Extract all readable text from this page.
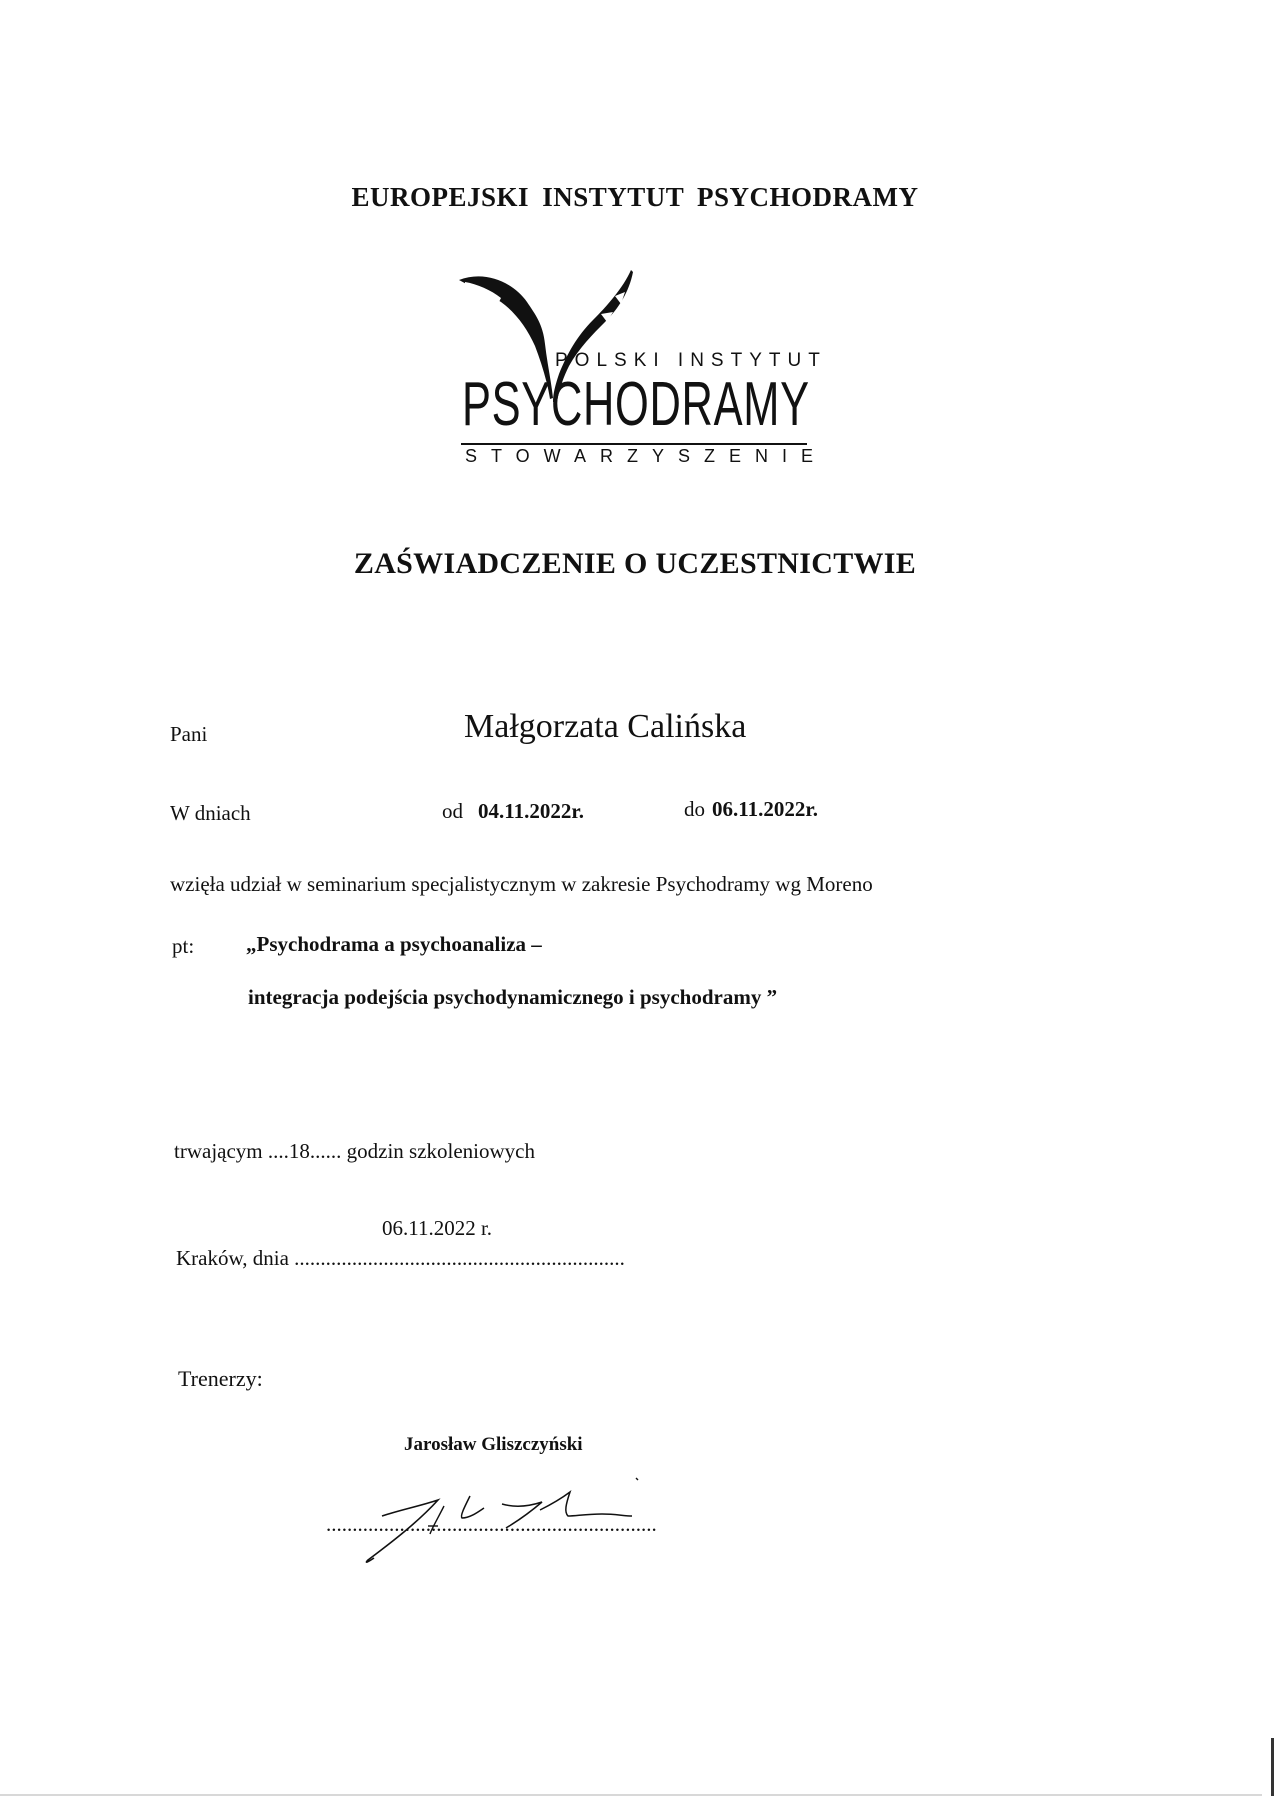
EUROPEJSKI INSTYTUT PSYCHODRAMY
POLSKI INSTYTUT
PSYCHODRAMY
STOWARZYSZENIE
ZAŚWIADCZENIE O UCZESTNICTWIE
Pani	Małgorzata Calińska
W dniach	od 04.11.2022r.	do 06.11.2022r.
wzięła udział w seminarium specjalistycznym w zakresie Psychodramy wg Moreno
pt: „Psychodrama a psychoanaliza –
integracja podejścia psychodynamicznego i psychodramy ”
trwającym ....18...... godzin szkoleniowych
06.11.2022 r.
Kraków, dnia ...............................................................
Trenerzy:
Jarosław Gliszczyński
...............................................................
